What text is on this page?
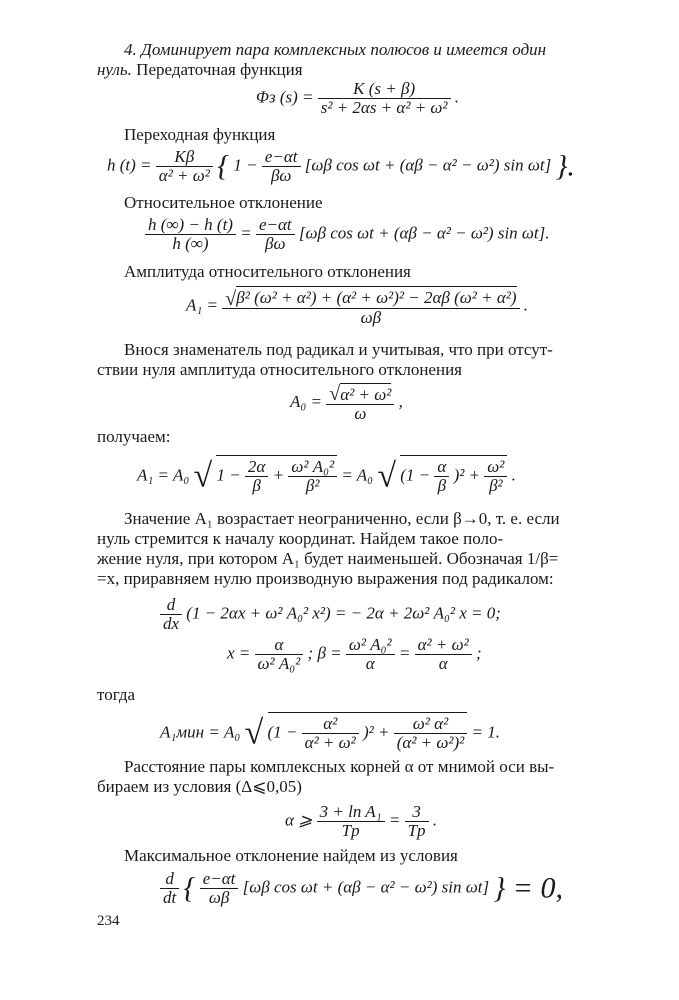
4. Доминирует пара комплексных полюсов и имеется один
нуль. Передаточная функция
Φз $(s) = \frac{K (s + \beta)}{\text{s² + 2αs + α² + ω²}}$ .
Переходная функция
h $(t) = \frac{K\beta}{\text{α² + ω²}}$ { $1 - \frac{e-\alpha t}{\beta\omega} [\omega\beta$ cos ωt + (αβ − α² − ω²) sin ωt] }.
Относительное отклонение
$\frac{h (\infty) - h (t)}{h (\infty)} = \frac{e-\alpha t}{\beta\omega} [\omega\beta$ cos ωt + (αβ − α² − ω²) sin ωt].
Амплитуда относительного отклонения
$A_1 = \frac{\text{√β² (ω² + α²) + (α² + ω²)² − 2αβ (ω² + α²)}}{\omega\beta}$ .
Внося знаменатель под радикал и учитывая, что при отсут-
ствии нуля амплитуда относительного отклонения
$A_0 = \frac{\text{√α² + ω²}}{\omega}$ ,
получаем:
A₁ = A₀ √ $1 - \frac{2\alpha}{\beta} + \frac{\text{ω² A₀²}}{\text{β²}} = A_0$ √ $(1 - \frac{\alpha}{\beta} )^2 + \frac{\text{ω²}}{\text{β²}}$ .
Значение A₁ возрастает неограниченно, если β→0, т. е. если
нуль стремится к началу координат. Найдем такое поло-
жение нуля, при котором A₁ будет наименьшей. Обозначая 1/β=
=x, приравняем нулю производную выражения под радикалом:
$\frac{d}{dx} (1 - 2\alpha x + \omega^2$ A₀² x²) = − 2α + 2ω² A₀² x = 0;
$x = \frac{\alpha}{\text{ω² A₀²}}$ ; $\beta = \frac{\text{ω² A₀²}}{\alpha} = \frac{\text{α² + ω²}}{\alpha}$ ;
тогда
A₁мин = A₀ √ $(1 - \frac{\text{α²}}{\text{α² + ω²}} )^2 + \frac{\text{ω² α²}}{\text{(α² + ω²)²}} = 1$.
Расстояние пары комплексных корней α от мнимой оси вы-
бираем из условия (Δ⩽0,05)
α ⩾ $\frac{\text{3 + ln A₁}}{Tр} = \frac{3}{Tр}$ .
Максимальное отклонение найдем из условия
$\frac{d}{dt}$ { $\frac{e-\alpha t}{\omega\beta} [\omega\beta$ cos ωt + (αβ − α² − ω²) sin ωt] } = 0,
234
